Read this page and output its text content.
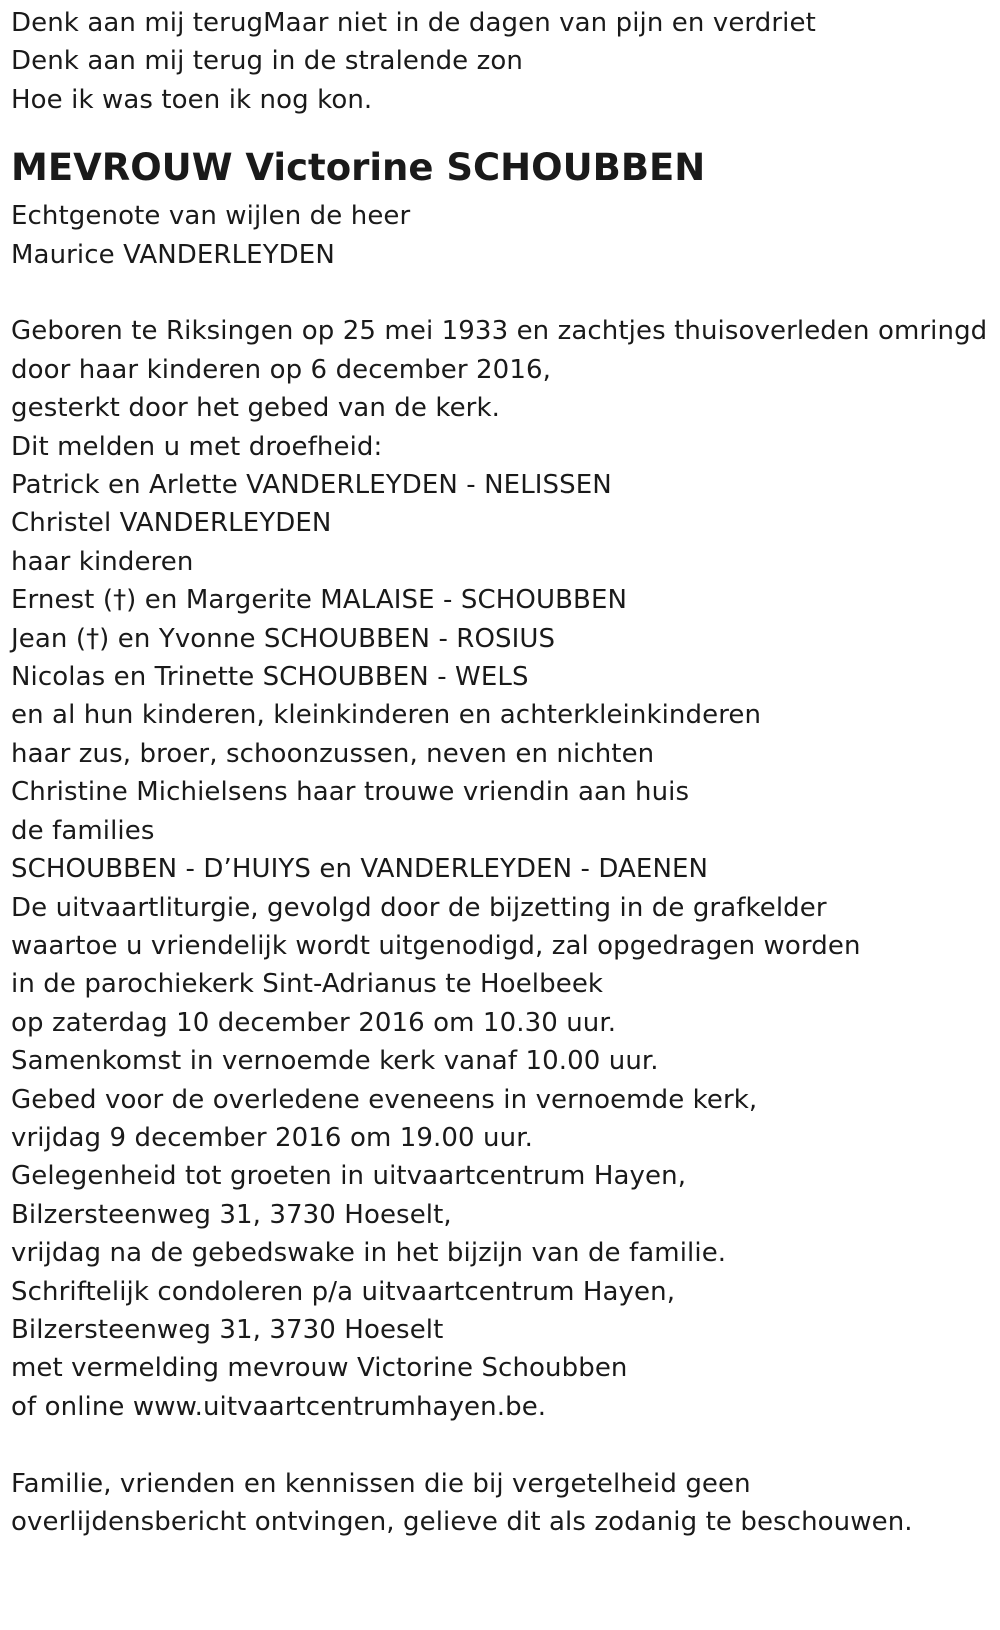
Denk aan mij terugMaar niet in de dagen van pijn en verdriet
Denk aan mij terug in de stralende zon
Hoe ik was toen ik nog kon.
MEVROUW Victorine SCHOUBBEN
Echtgenote van wijlen de heer
Maurice VANDERLEYDEN
Geboren te Riksingen op 25 mei 1933 en zachtjes thuisoverleden omringd
door haar kinderen op 6 december 2016,
gesterkt door het gebed van de kerk.
Dit melden u met droefheid:
Patrick en Arlette VANDERLEYDEN - NELISSEN
Christel VANDERLEYDEN
haar kinderen
Ernest (†) en Margerite MALAISE - SCHOUBBEN
Jean (†) en Yvonne SCHOUBBEN - ROSIUS
Nicolas en Trinette SCHOUBBEN - WELS
en al hun kinderen, kleinkinderen en achterkleinkinderen
haar zus, broer, schoonzussen, neven en nichten
Christine Michielsens haar trouwe vriendin aan huis
de families
SCHOUBBEN - D’HUIYS en VANDERLEYDEN - DAENEN
De uitvaartliturgie, gevolgd door de bijzetting in de grafkelder
waartoe u vriendelijk wordt uitgenodigd, zal opgedragen worden
in de parochiekerk Sint-Adrianus te Hoelbeek
op zaterdag 10 december 2016 om 10.30 uur.
Samenkomst in vernoemde kerk vanaf 10.00 uur.
Gebed voor de overledene eveneens in vernoemde kerk,
vrijdag 9 december 2016 om 19.00 uur.
Gelegenheid tot groeten in uitvaartcentrum Hayen,
Bilzersteenweg 31, 3730 Hoeselt,
vrijdag na de gebedswake in het bijzijn van de familie.
Schriftelijk condoleren p/a uitvaartcentrum Hayen,
Bilzersteenweg 31, 3730 Hoeselt
met vermelding mevrouw Victorine Schoubben
of online www.uitvaartcentrumhayen.be.
Familie, vrienden en kennissen die bij vergetelheid geen
overlijdensbericht ontvingen, gelieve dit als zodanig te beschouwen.
